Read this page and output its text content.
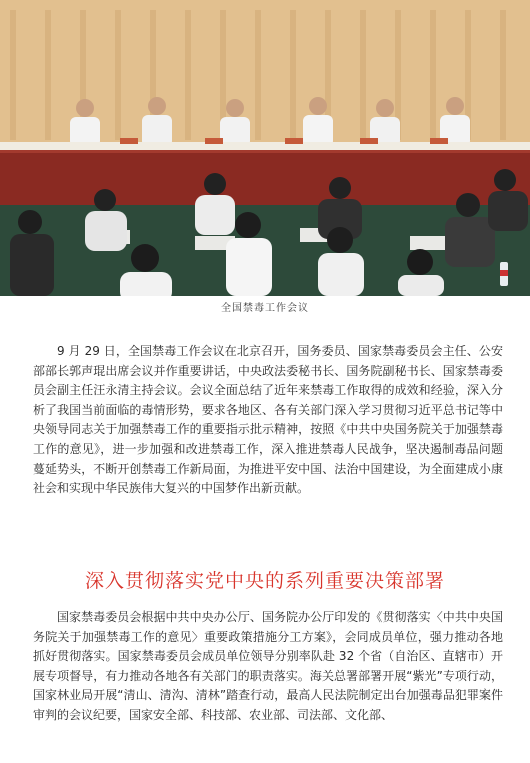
全国禁毒工作会议

9 月 29 日，全国禁毒工作会议在北京召开，国务委员、国家禁毒委员会主任、公安部部长郭声琨出席会议并作重要讲话，中央政法委秘书长、国务院副秘书长、国家禁毒委员会副主任汪永清主持会议。会议全面总结了近年来禁毒工作取得的成效和经验，深入分析了我国当前面临的毒情形势，要求各地区、各有关部门深入学习贯彻习近平总书记等中央领导同志关于加强禁毒工作的重要指示批示精神，按照《中共中央国务院关于加强禁毒工作的意见》，进一步加强和改进禁毒工作，深入推进禁毒人民战争，坚决遏制毒品问题蔓延势头，不断开创禁毒工作新局面，为推进平安中国、法治中国建设，为全面建成小康社会和实现中华民族伟大复兴的中国梦作出新贡献。

深入贯彻落实党中央的系列重要决策部署

国家禁毒委员会根据中共中央办公厅、国务院办公厅印发的《贯彻落实〈中共中央国务院关于加强禁毒工作的意见〉重要政策措施分工方案》，会同成员单位，强力推动各地抓好贯彻落实。国家禁毒委员会成员单位领导分别率队赴 32 个省（自治区、直辖市）开展专项督导，有力推动各地各有关部门的职责落实。海关总署部署开展“紫光”专项行动，国家林业局开展“清山、清沟、清林”踏查行动，最高人民法院制定出台加强毒品犯罪案件审判的会议纪要，国家安全部、科技部、农业部、司法部、文化部、
